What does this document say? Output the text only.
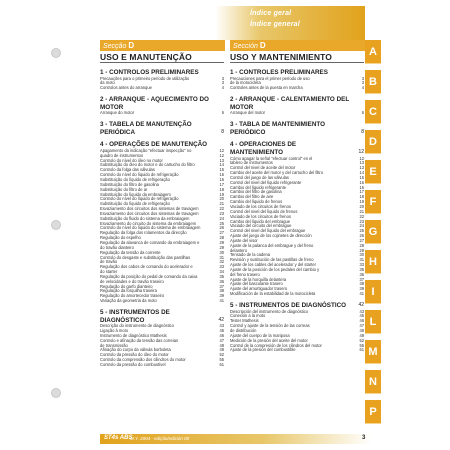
Índice geral
Índice general
A
B
C
D
E
F
G
H
I
L
M
N
P
Secção D
USO E MANUTENÇÃO
1 - CONTROLOS PRELIMINARES
Precauções para o primeiro período de utilização	3
da moto	3
Controlos antes do arranque	4
2 - ARRANQUE - AQUECIMENTO DO MOTOR
Arranque do motor	6
3 - TABELA DE MANUTENÇÃO PERIÓDICA	8
4 - OPERAÇÕES DE MANUTENÇÃO
Apagamento da indicação "efectuar inspecção" no	12
quadro de instrumentos	12
Controlo do nível do óleo no motor	13
Substituição do óleo do motor e do cartucho do filtro	14
Controlo da folga das válvulas	15
Controlo do nível do líquido de refrigeração	16
Substituição do líquido de refrigeração	16
Substituição do filtro de gasolina	17
Substituição do filtro de ar	18
Substituição do líquido da embraiagem	19
Controlo do nível do líquido de refrigeração	20
Substituição do líquido de refrigeração	21
Esvaziamento dos circuitos dos sistemas de travagem	22
Esvaziamento dos circuitos dos sistemas de travagem	23
Substituição do fluido do sistema da embraiagem	24
Esvaziamento do circuito do sistema da embraiagem	25
Controlo do nível do líquido do sistema de embraiagem	26
Regulação da folga dos rolamentos da direcção	27
Regulação do espelho	28
Regulação da alavanca de comando da embraiagem e	29
do travão dianteiro	29
Regulação da tensão da corrente	30
Controlo do desgaste e substituição das pastilhas	31
de travão	32
Regulação dos cabos de comando do acelerador e	33
do starter	34
Regulação da posição do pedal de comando da caixa	35
de velocidades e do travão traseiro	36
Regulação do garfo dianteiro	37
Regulação da forquilha traseira	38
Regulação do amortecedor traseiro	39
Variação da geometria da moto	41
5 - INSTRUMENTOS DE DIAGNÓSTICO	42
Descrição do instrumento de diagnóstico	43
Ligação à moto	45
Instrumento de diagnóstico Mathesis	46
Controlo e afinação da tensão das correias	47
de transmissão	48
Afinação do corpo da válvula borboleta	49
Controlo da pressão do óleo do motor	52
Controlo da compressão dos cilindros do motor	55
Controlo da pressão do combustível	61
Sección D
USO Y MANTENIMIENTO
1 - CONTROLES PRELIMINARES
Precauciones para el primer período de uso	3
de la motocicleta	3
Controles antes de la puesta en marcha	4
2 - ARRANQUE - CALENTAMIENTO DEL MOTOR
Arranque del motor	6
3 - TABLA DE MANTENIMIENTO PERIÓDICO	8
4 - OPERACIONES DE MANTENIMIENTO	12
Cómo apagar la señal "efectuar control" en el	12
tablero de instrumentos	13
Control del nivel de aceite del motor	13
Cambio del aceite del motor y del cartucho del filtro	14
Control del juego de las válvulas	15
Control del nivel del líquido refrigerante	16
Cambio del líquido refrigerante	16
Cambio del filtro de gasolina	17
Cambio del filtro de aire	18
Cambio del líquido de frenos	19
Vaciado de los circuitos de frenos	20
Control del nivel del líquido de frenos	21
Vaciado de los circuitos de frenos	22
Cambio del líquido del embrague	23
Vaciado del circuito del embrague	24
Control del nivel del líquido del embrague	25
Ajuste del juego de los cojinetes de dirección	26
Ajuste del visor	27
Ajuste de la palanca del embrague y del freno	28
delantero	29
Tensado de la cadena	30
Revisión y sustitución de las pastillas de freno	31
Ajuste de los cables del acelerador y del starter	33
Ajuste de la posición de los pedales del cambio y	35
del freno trasero	36
Ajuste de la horquilla delantera	37
Ajuste del basculante trasero	38
Ajuste del amortiguador trasero	39
Modificación de la estabilidad de la motocicleta	41
5 - INSTRUMENTOS DE DIAGNÓSTICO 42
Descripción del instrumento de diagnóstico	43
Conexión a la moto	45
Tester Mathesis	46
Control y ajuste de la tensión de las correas	47
de distribución	48
Ajuste del cuerpo de la mariposa	49
Medición de la presión del aceite del motor	52
Control de la compresión de los cilindros del motor	55
Ajuste de la presión del combustible	61
ST4s ABS
M.Y. 2004 - edição/edición 00	3
